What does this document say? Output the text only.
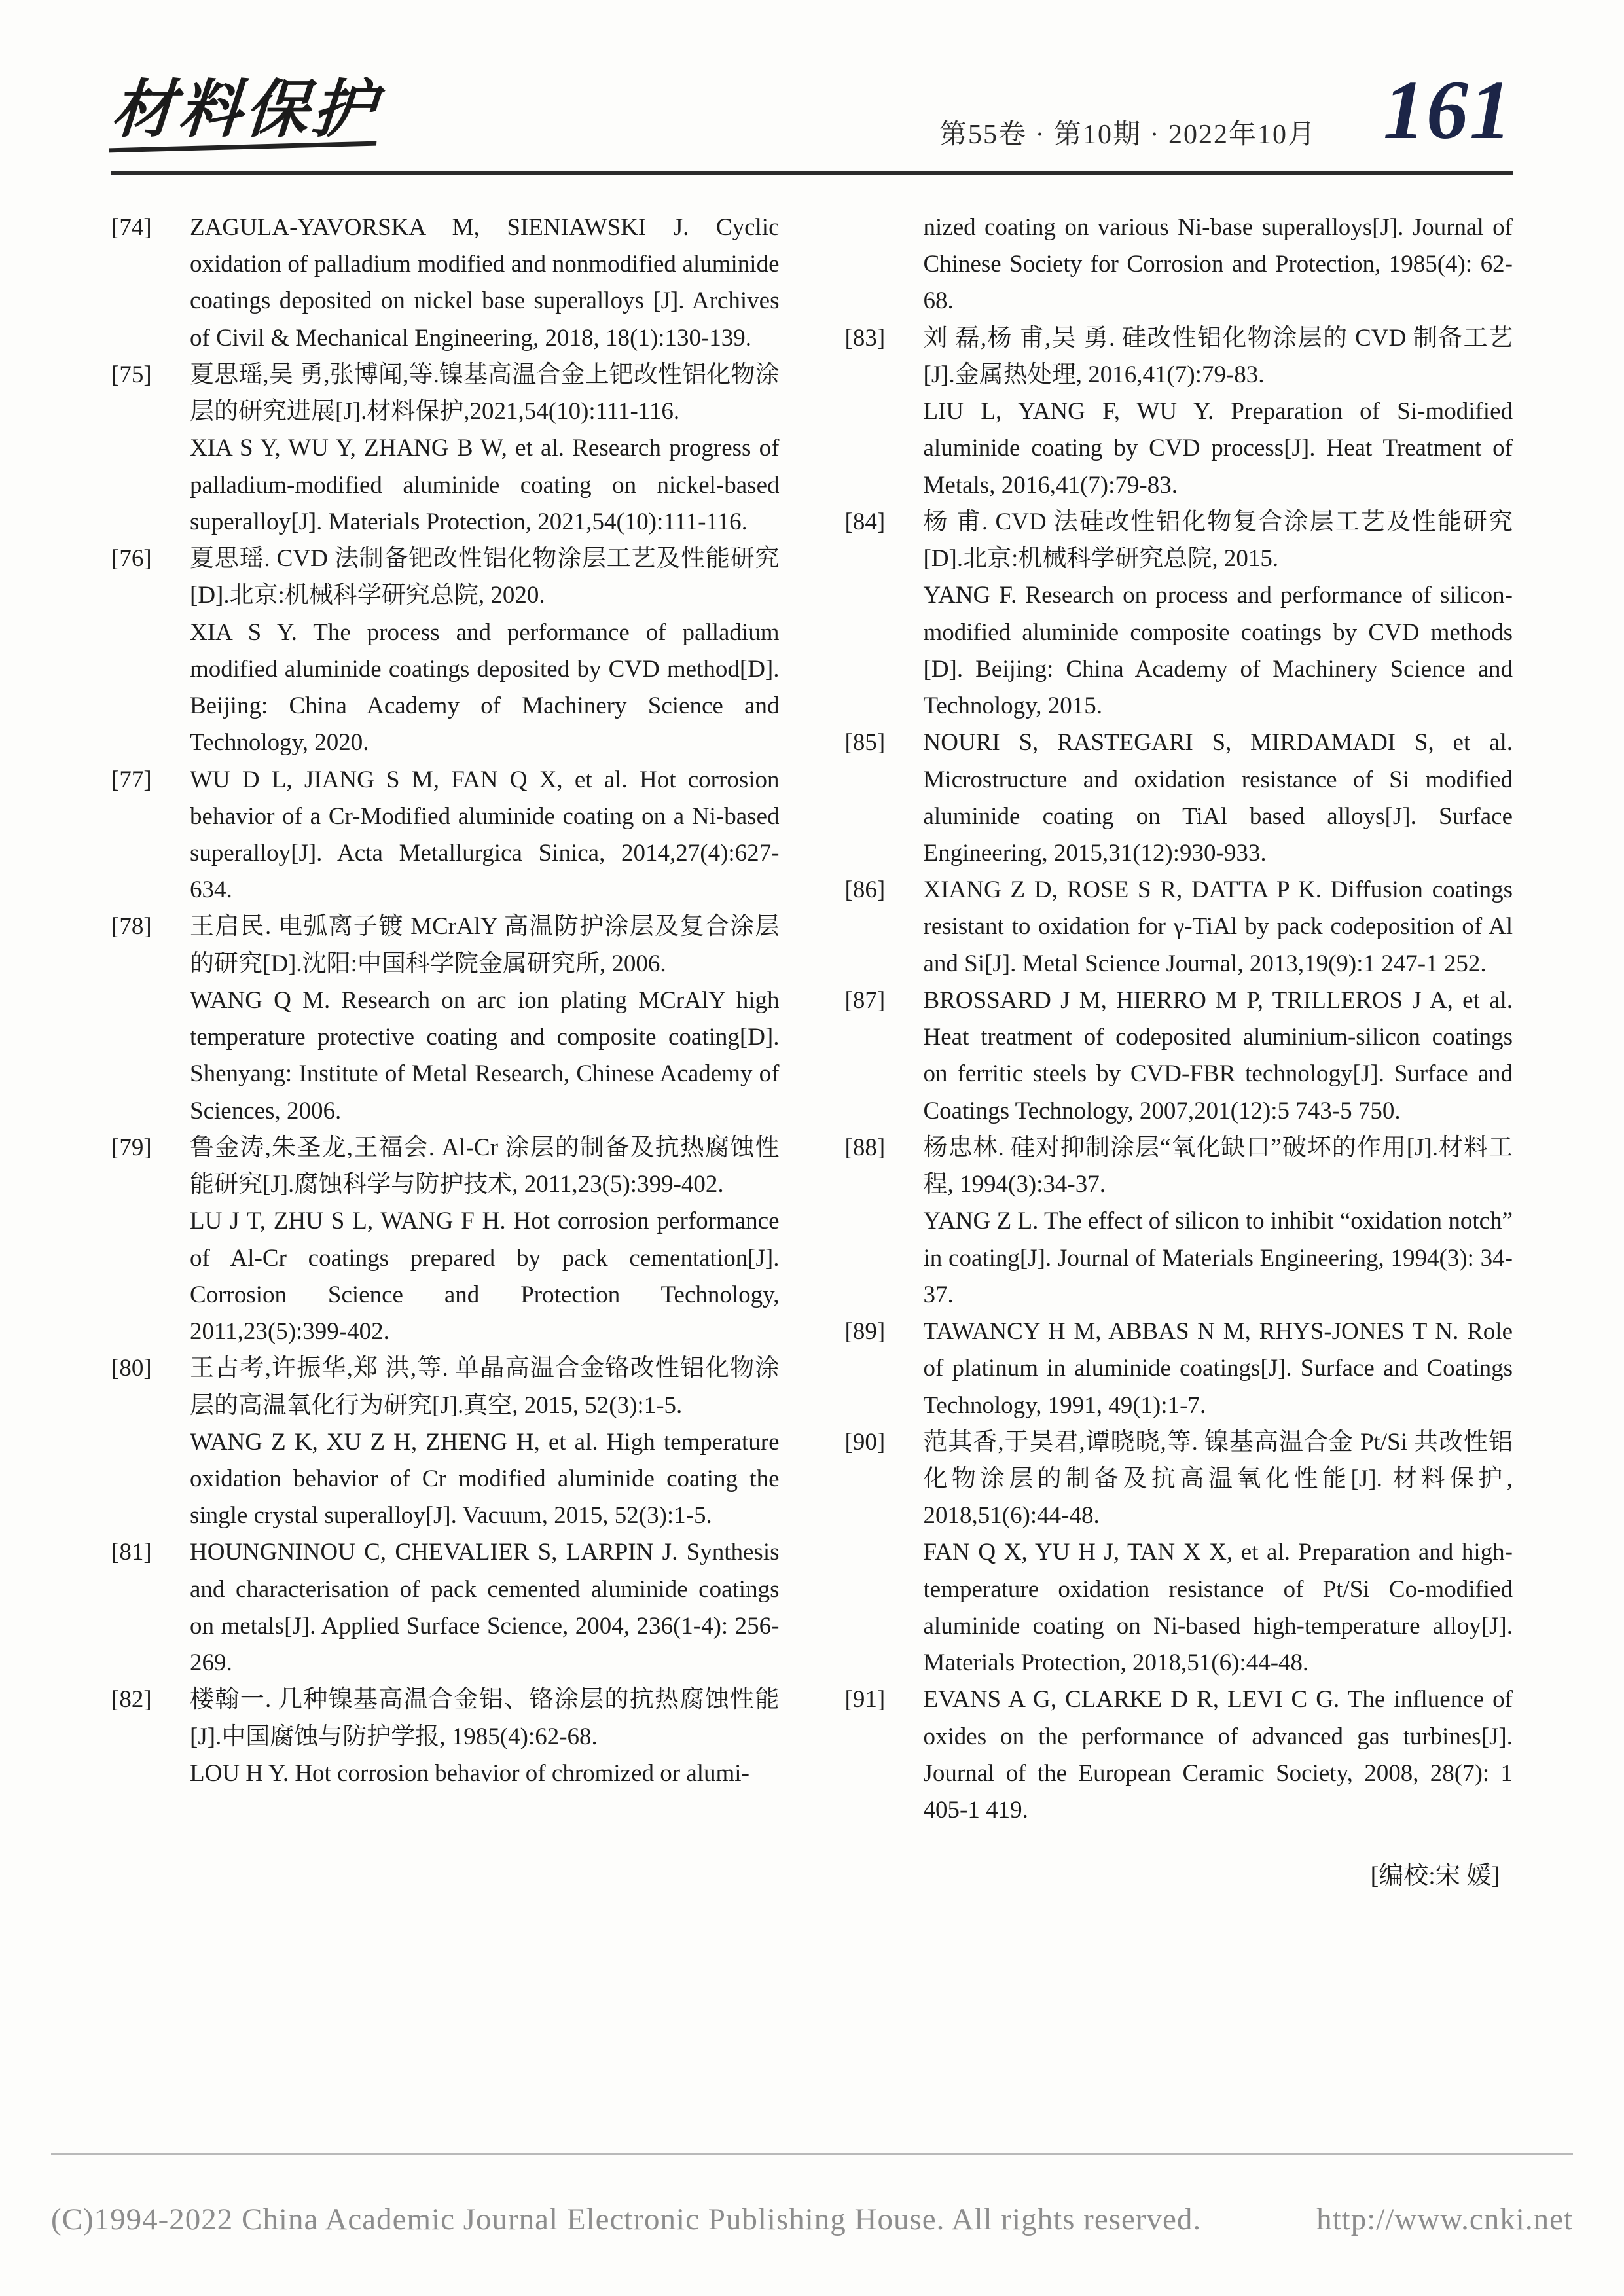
材料保护	第55卷 · 第10期 · 2022年10月 161
[74] ZAGULA-YAVORSKA M, SIENIAWSKI J. Cyclic oxidation of palladium modified and nonmodified aluminide coatings deposited on nickel base superalloys [J]. Archives of Civil & Mechanical Engineering, 2018, 18(1):130-139.
[75] 夏思瑶,吴 勇,张博闻,等.镍基高温合金上钯改性铝化物涂层的研究进展[J].材料保护,2021,54(10):111-116.
XIA S Y, WU Y, ZHANG B W, et al. Research progress of palladium-modified aluminide coating on nickel-based superalloy[J]. Materials Protection, 2021,54(10):111-116.
[76] 夏思瑶. CVD 法制备钯改性铝化物涂层工艺及性能研究[D].北京:机械科学研究总院, 2020.
XIA S Y. The process and performance of palladium modified aluminide coatings deposited by CVD method[D]. Beijing: China Academy of Machinery Science and Technology, 2020.
[77] WU D L, JIANG S M, FAN Q X, et al. Hot corrosion behavior of a Cr-Modified aluminide coating on a Ni-based superalloy[J]. Acta Metallurgica Sinica, 2014,27(4):627-634.
[78] 王启民. 电弧离子镀 MCrAlY 高温防护涂层及复合涂层的研究[D].沈阳:中国科学院金属研究所, 2006.
WANG Q M. Research on arc ion plating MCrAlY high temperature protective coating and composite coating[D]. Shenyang: Institute of Metal Research, Chinese Academy of Sciences, 2006.
[79] 鲁金涛,朱圣龙,王福会. Al-Cr 涂层的制备及抗热腐蚀性能研究[J].腐蚀科学与防护技术, 2011,23(5):399-402.
LU J T, ZHU S L, WANG F H. Hot corrosion performance of Al-Cr coatings prepared by pack cementation[J]. Corrosion Science and Protection Technology, 2011,23(5):399-402.
[80] 王占考,许振华,郑 洪,等. 单晶高温合金铬改性铝化物涂层的高温氧化行为研究[J].真空, 2015, 52(3):1-5.
WANG Z K, XU Z H, ZHENG H, et al. High temperature oxidation behavior of Cr modified aluminide coating the single crystal superalloy[J]. Vacuum, 2015, 52(3):1-5.
[81] HOUNGNINOU C, CHEVALIER S, LARPIN J. Synthesis and characterisation of pack cemented aluminide coatings on metals[J]. Applied Surface Science, 2004, 236(1-4): 256-269.
[82] 楼翰一. 几种镍基高温合金铝、铬涂层的抗热腐蚀性能[J].中国腐蚀与防护学报, 1985(4):62-68.
LOU H Y. Hot corrosion behavior of chromized or alumi-
nized coating on various Ni-base superalloys[J]. Journal of Chinese Society for Corrosion and Protection, 1985(4): 62-68.
[83] 刘 磊,杨 甫,吴 勇. 硅改性铝化物涂层的 CVD 制备工艺[J].金属热处理, 2016,41(7):79-83.
LIU L, YANG F, WU Y. Preparation of Si-modified aluminide coating by CVD process[J]. Heat Treatment of Metals, 2016,41(7):79-83.
[84] 杨 甫. CVD 法硅改性铝化物复合涂层工艺及性能研究[D].北京:机械科学研究总院, 2015.
YANG F. Research on process and performance of silicon-modified aluminide composite coatings by CVD methods [D]. Beijing: China Academy of Machinery Science and Technology, 2015.
[85] NOURI S, RASTEGARI S, MIRDAMADI S, et al. Microstructure and oxidation resistance of Si modified aluminide coating on TiAl based alloys[J]. Surface Engineering, 2015,31(12):930-933.
[86] XIANG Z D, ROSE S R, DATTA P K. Diffusion coatings resistant to oxidation for γ-TiAl by pack codeposition of Al and Si[J]. Metal Science Journal, 2013,19(9):1 247-1 252.
[87] BROSSARD J M, HIERRO M P, TRILLEROS J A, et al. Heat treatment of codeposited aluminium-silicon coatings on ferritic steels by CVD-FBR technology[J]. Surface and Coatings Technology, 2007,201(12):5 743-5 750.
[88] 杨忠林. 硅对抑制涂层“氧化缺口”破坏的作用[J].材料工程, 1994(3):34-37.
YANG Z L. The effect of silicon to inhibit “oxidation notch” in coating[J]. Journal of Materials Engineering, 1994(3): 34-37.
[89] TAWANCY H M, ABBAS N M, RHYS-JONES T N. Role of platinum in aluminide coatings[J]. Surface and Coatings Technology, 1991, 49(1):1-7.
[90] 范其香,于昊君,谭晓晓,等. 镍基高温合金 Pt/Si 共改性铝化物涂层的制备及抗高温氧化性能[J]. 材料保护, 2018,51(6):44-48.
FAN Q X, YU H J, TAN X X, et al. Preparation and high-temperature oxidation resistance of Pt/Si Co-modified aluminide coating on Ni-based high-temperature alloy[J]. Materials Protection, 2018,51(6):44-48.
[91] EVANS A G, CLARKE D R, LEVI C G. The influence of oxides on the performance of advanced gas turbines[J]. Journal of the European Ceramic Society, 2008, 28(7): 1 405-1 419.
[编校:宋 媛]
(C)1994-2022 China Academic Journal Electronic Publishing House. All rights reserved.	http://www.cnki.net
